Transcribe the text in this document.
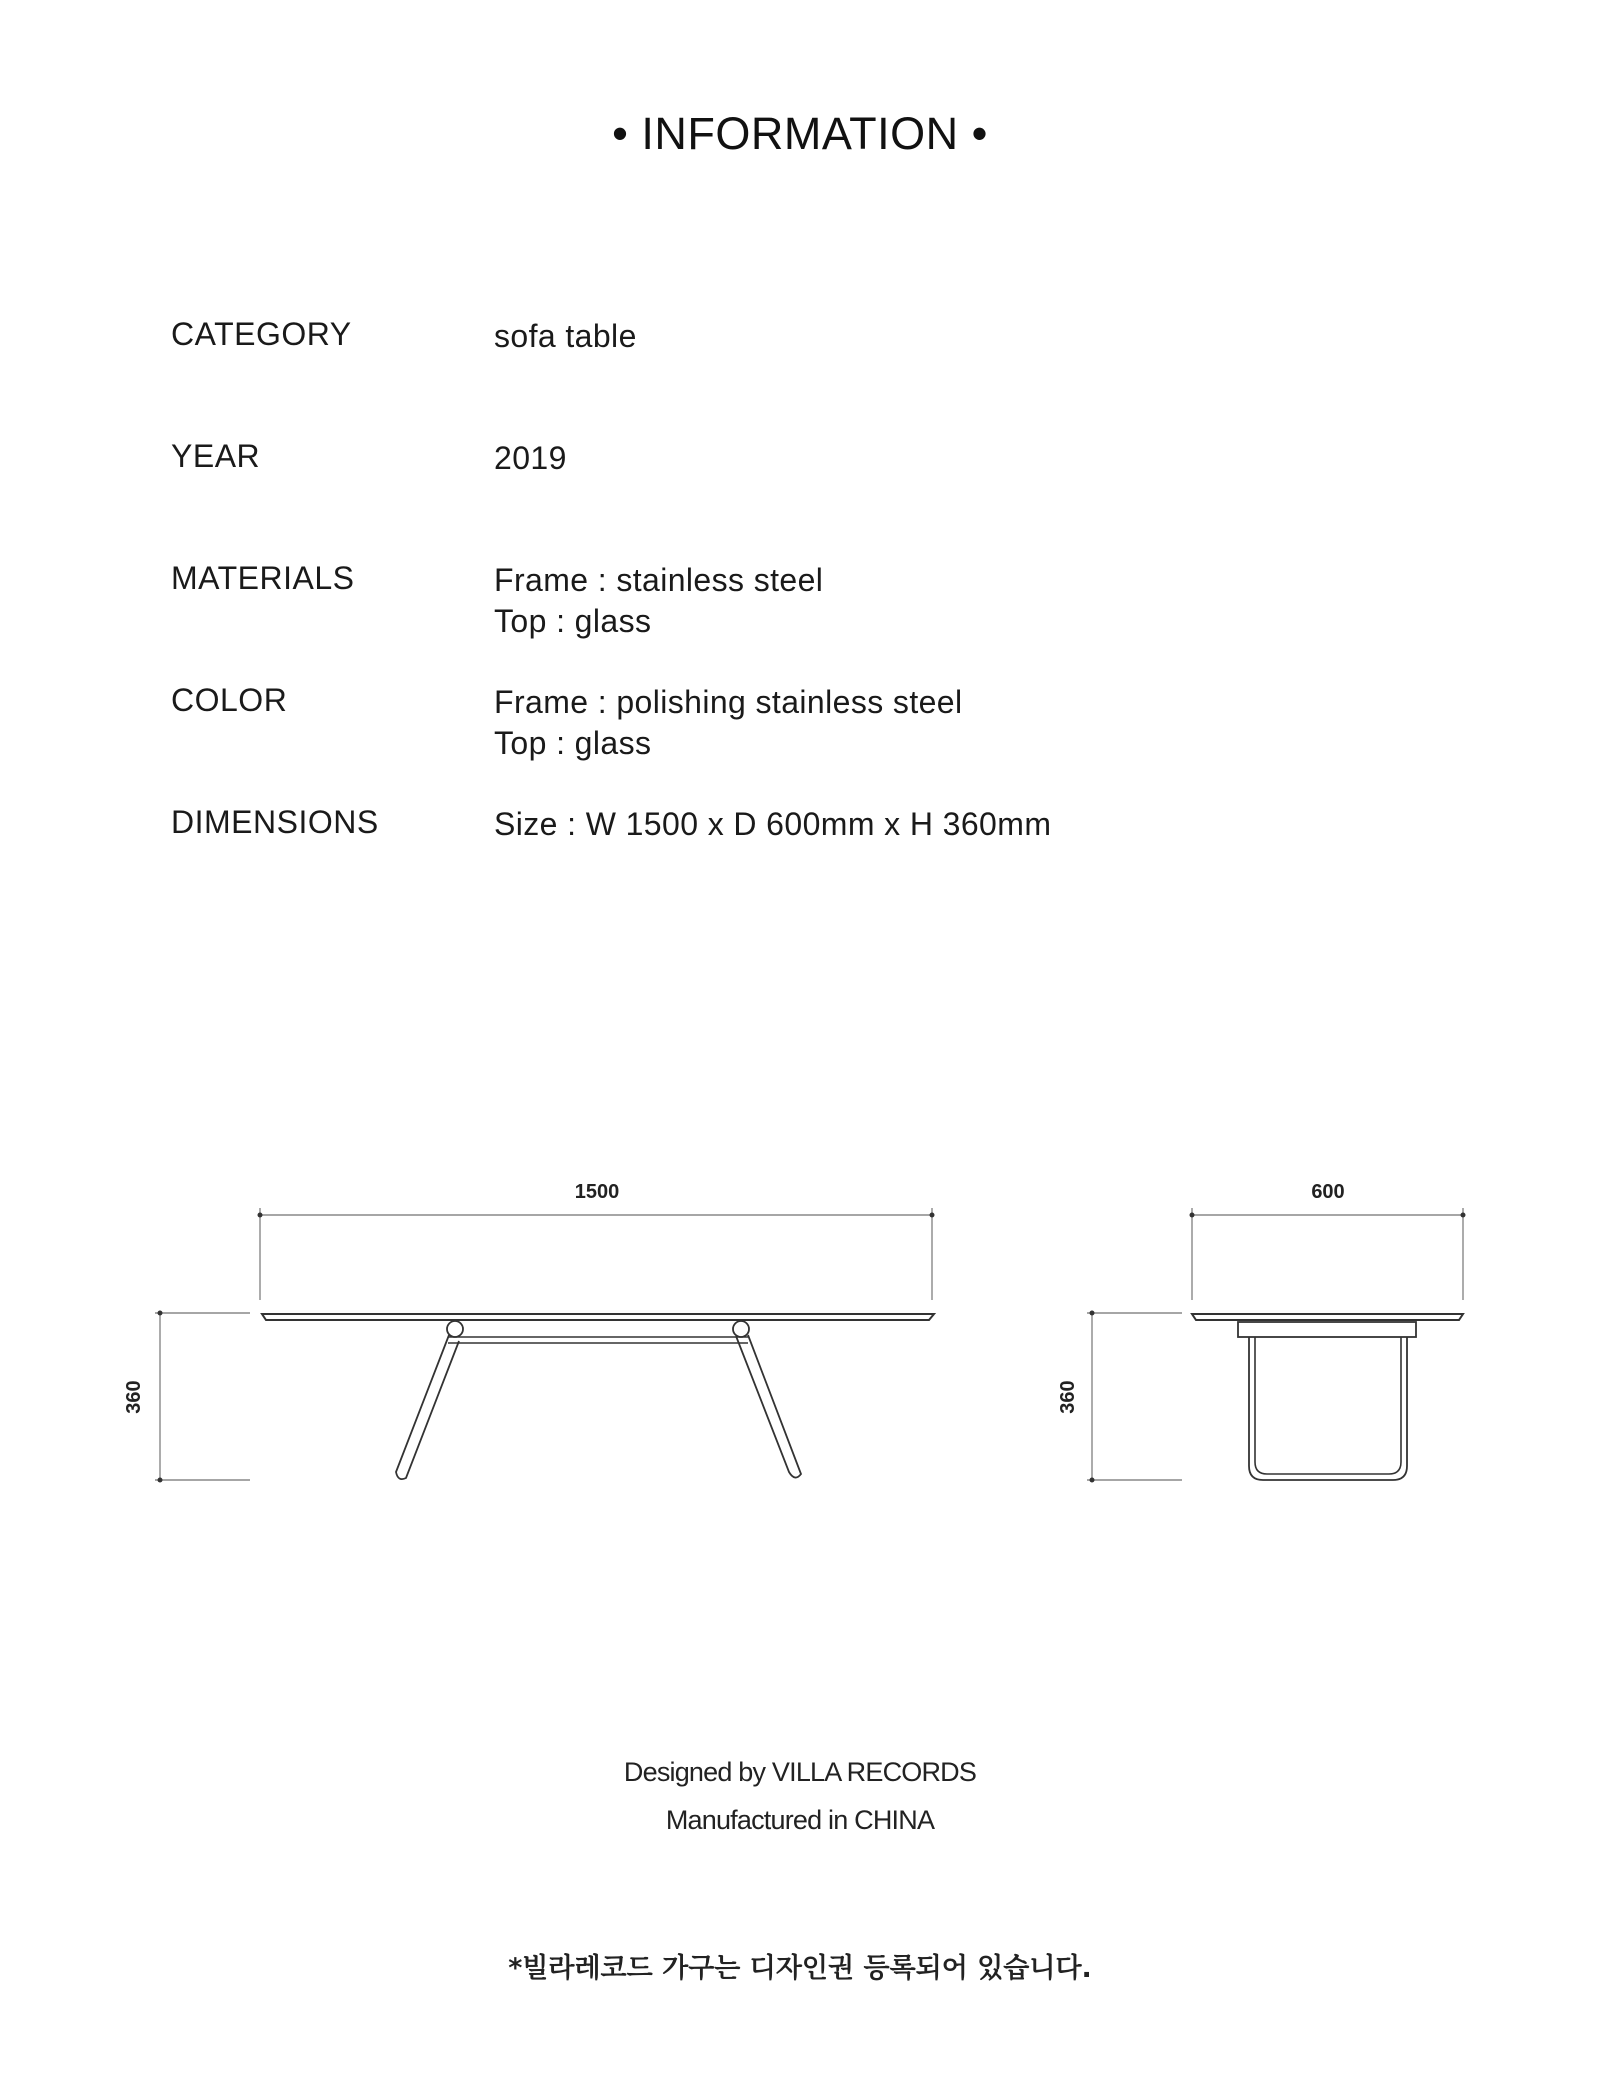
• INFORMATION •
CATEGORY	sofa table
YEAR	2019
MATERIALS	Frame : stainless steel
Top : glass
COLOR	Frame : polishing stainless steel
Top : glass
DIMENSIONS	Size : W 1500 x D 600mm x H 360mm
1500	600
360	360
Designed by VILLA RECORDS
Manufactured in CHINA
*빌라레코드 가구는 디자인권 등록되어 있습니다.
